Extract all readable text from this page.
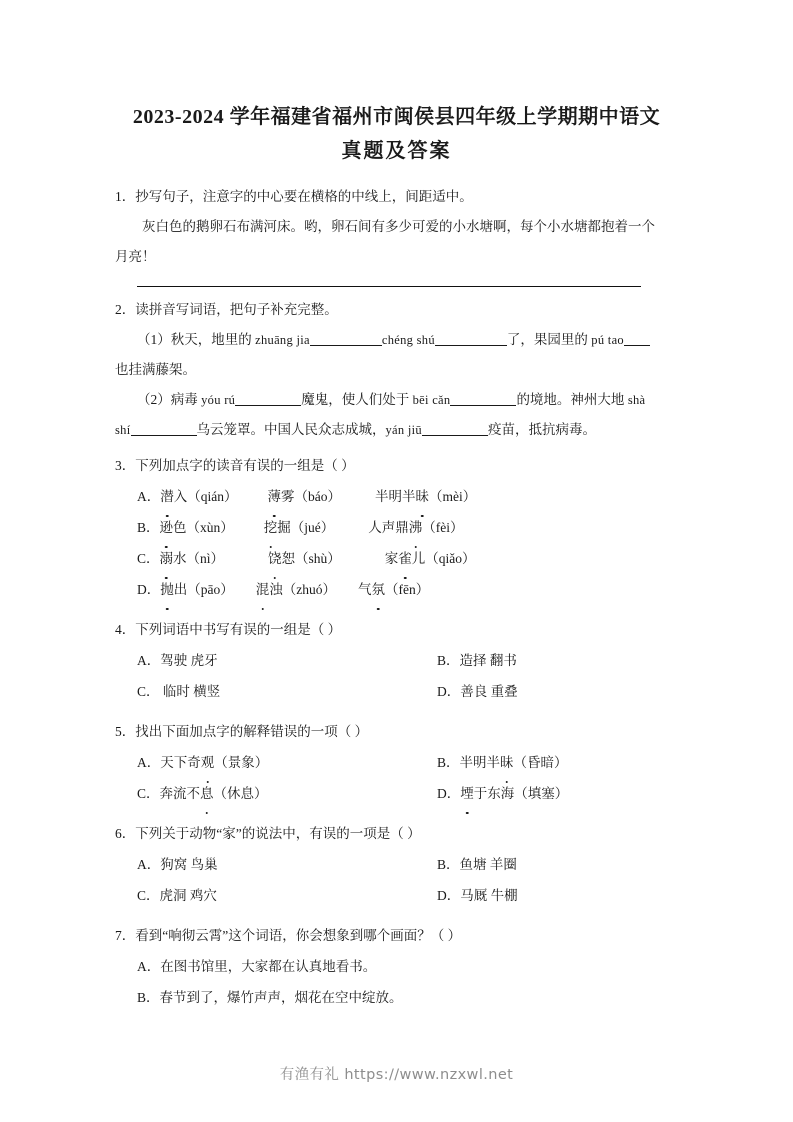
2023-2024 学年福建省福州市闽侯县四年级上学期期中语文
真题及答案

1．抄写句子，注意字的中心要在横格的中线上，间距适中。

灰白色的鹅卵石布满河床。哟，卵石间有多少可爱的小水塘啊，每个小水塘都抱着一个

月亮！

2．读拼音写词语，把句子补充完整。

（1）秋天，地里的 zhuāng jia	chéng shú	了，果园里的 pú tao

也挂满藤架。

（2）病毒 yóu rú	魔鬼，使人们处于 bēi cǎn	的境地。神州大地 shà

shí	乌云笼罩。中国人民众志成城，yán jiū	疫苗，抵抗病毒。

3．下列加点字的读音有误的一组是（ ）

A．潜入（qián） 薄雾（báo）	半明半昧（mèi）

B．逊色（xùn） 挖掘（jué）	人声鼎沸（fèi）

C．溺水（nì）	饶恕（shù）	家雀儿（qiǎo）

D．抛出（pāo） 混浊（zhuó） 气氛（fēn）

4．下列词语中书写有误的一组是（ ）

A．驾驶 虎牙	B．造择 翻书
C． 临时 横竖	D．善良 重叠

5．找出下面加点字的解释错误的一项（ ）

A．天下奇观（景象）	B．半明半昧（昏暗）
C．奔流不息（休息）	D．堙于东海（填塞）

6．下列关于动物“家”的说法中，有误的一项是（ ）

A．狗窝 鸟巢	B．鱼塘 羊圈
C．虎洞 鸡穴	D．马厩 牛棚

7．看到“响彻云霄”这个词语，你会想象到哪个画面？（ ）

A．在图书馆里，大家都在认真地看书。

B．春节到了，爆竹声声，烟花在空中绽放。

有渔有礼 https://www.nzxwl.net
